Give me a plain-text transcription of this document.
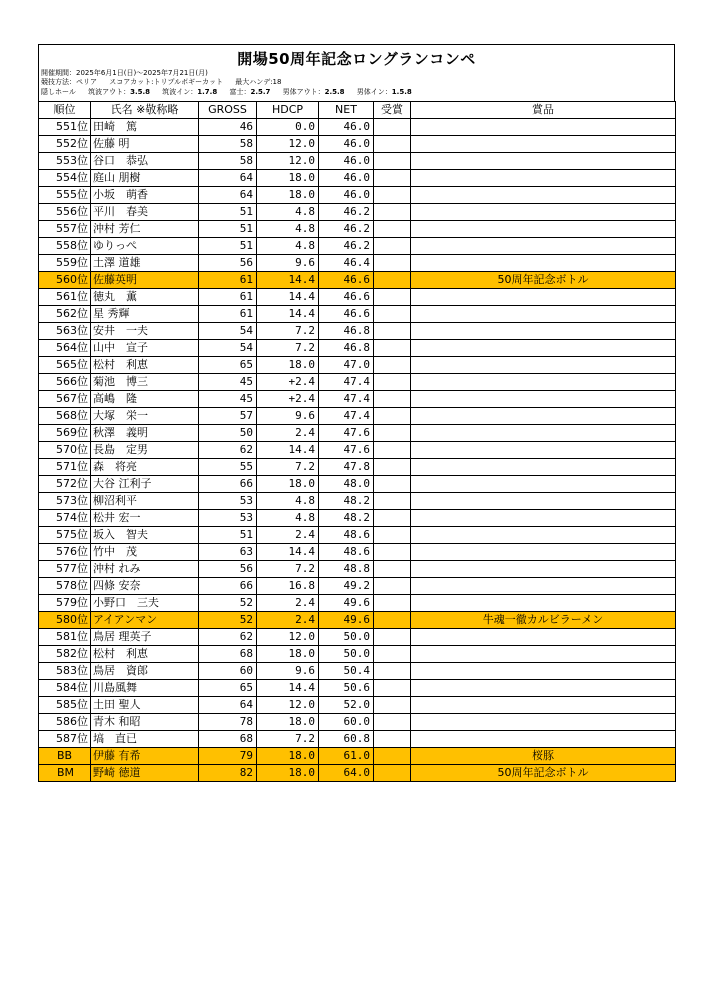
開場50周年記念ロングランコンペ
開催期間：2025年6月1日(日)～2025年7月21日(月)
競技方法：ペリア スコアカット:トリプルボギーカット 最大ハンデ:18
隠しホール 筑波アウト：3.5.8 筑波イン：1.7.8 富士：2.5.7 男体アウト：2.5.8 男体イン：1.5.8
順位	氏名 ※敬称略	GROSS	HDCP	NET	受賞	賞品
551位	田崎　篤	46	0.0	46.0		
552位	佐藤 明	58	12.0	46.0		
553位	谷口　恭弘	58	12.0	46.0		
554位	庭山 朋樹	64	18.0	46.0		
555位	小坂　萌香	64	18.0	46.0		
556位	平川　春美	51	4.8	46.2		
557位	沖村 芳仁	51	4.8	46.2		
558位	ゆりっぺ	51	4.8	46.2		
559位	土澤 道雄	56	9.6	46.4		
560位	佐藤英明	61	14.4	46.6		50周年記念ボトル
561位	徳丸　薫	61	14.4	46.6		
562位	星 秀輝	61	14.4	46.6		
563位	安井　一夫	54	7.2	46.8		
564位	山中　宣子	54	7.2	46.8		
565位	松村　利恵	65	18.0	47.0		
566位	菊池　博三	45	+2.4	47.4		
567位	高嶋　隆	45	+2.4	47.4		
568位	大塚　栄一	57	9.6	47.4		
569位	秋澤　義明	50	2.4	47.6		
570位	長島　定男	62	14.4	47.6		
571位	森　将亮	55	7.2	47.8		
572位	大谷 江利子	66	18.0	48.0		
573位	柳沼利平	53	4.8	48.2		
574位	松井 宏一	53	4.8	48.2		
575位	坂入　智夫	51	2.4	48.6		
576位	竹中　茂	63	14.4	48.6		
577位	沖村 れみ	56	7.2	48.8		
578位	四條 安奈	66	16.8	49.2		
579位	小野口　三夫	52	2.4	49.6		
580位	アイアンマン	52	2.4	49.6		牛魂一徹カルビラーメン
581位	鳥居 理英子	62	12.0	50.0		
582位	松村　利恵	68	18.0	50.0		
583位	鳥居　資郎	60	9.6	50.4		
584位	川島風舞	65	14.4	50.6		
585位	土田 聖人	64	12.0	52.0		
586位	青木 和昭	78	18.0	60.0		
587位	塙　直已	68	7.2	60.8		
BB	伊藤 有希	79	18.0	61.0		桜豚
BM	野崎 徳道	82	18.0	64.0		50周年記念ボトル
